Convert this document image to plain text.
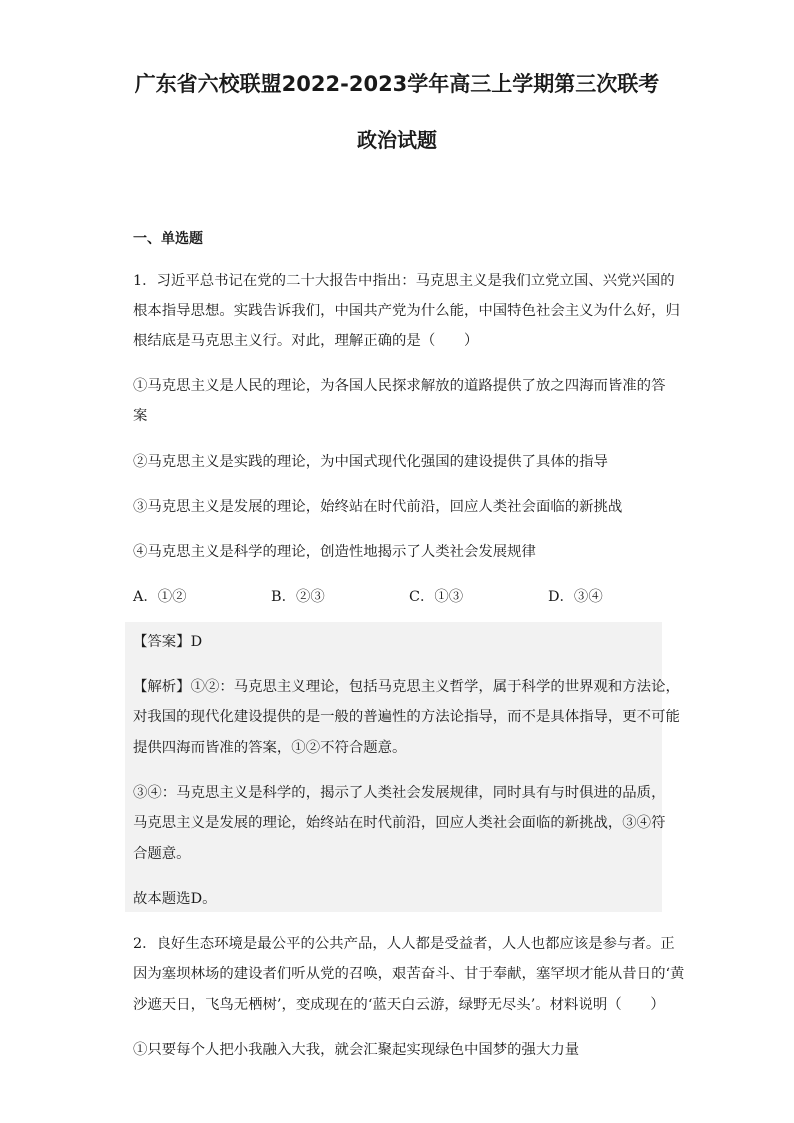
广东省六校联盟2022-2023学年高三上学期第三次联考
政治试题
一、单选题
1．习近平总书记在党的二十大报告中指出：马克思主义是我们立党立国、兴党兴国的
根本指导思想。实践告诉我们，中国共产党为什么能，中国特色社会主义为什么好，归
根结底是马克思主义行。对此，理解正确的是（　　）
①马克思主义是人民的理论，为各国人民探求解放的道路提供了放之四海而皆准的答
案
②马克思主义是实践的理论，为中国式现代化强国的建设提供了具体的指导
③马克思主义是发展的理论，始终站在时代前沿，回应人类社会面临的新挑战
④马克思主义是科学的理论，创造性地揭示了人类社会发展规律
A．①②	B．②③	C．①③	D．③④
【答案】D
【解析】①②：马克思主义理论，包括马克思主义哲学，属于科学的世界观和方法论，
对我国的现代化建设提供的是一般的普遍性的方法论指导，而不是具体指导，更不可能
提供四海而皆准的答案，①②不符合题意。
③④：马克思主义是科学的，揭示了人类社会发展规律，同时具有与时俱进的品质，
马克思主义是发展的理论，始终站在时代前沿，回应人类社会面临的新挑战，③④符
合题意。
故本题选D。
2．良好生态环境是最公平的公共产品，人人都是受益者，人人也都应该是参与者。正
因为塞坝林场的建设者们听从党的召唤，艰苦奋斗、甘于奉献，塞罕坝才能从昔日的‘黄
沙遮天日，飞鸟无栖树’，变成现在的‘蓝天白云游，绿野无尽头’。材料说明（　　）
①只要每个人把小我融入大我，就会汇聚起实现绿色中国梦的强大力量
